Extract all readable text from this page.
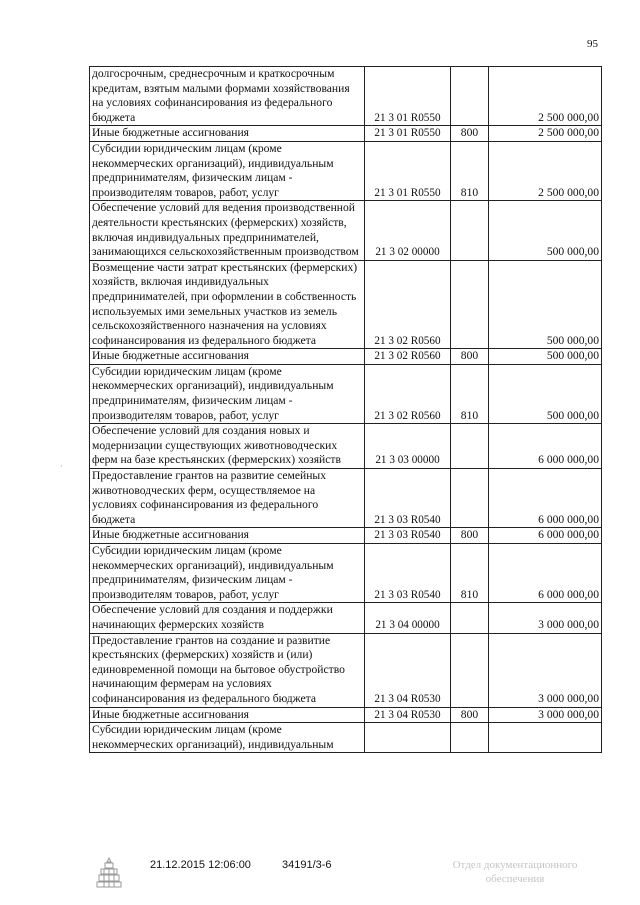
95
·
долгосрочным, среднесрочным и краткосрочным кредитам, взятым малыми формами хозяйствования на условиях софинансирования из федерального бюджета	21 3 01 R0550		2 500 000,00
Иные бюджетные ассигнования	21 3 01 R0550	800	2 500 000,00
Субсидии юридическим лицам (кроме некоммерческих организаций), индивидуальным предпринимателям, физическим лицам - производителям товаров, работ, услуг	21 3 01 R0550	810	2 500 000,00
Обеспечение условий для ведения производственной деятельности крестьянских (фермерских) хозяйств, включая индивидуальных предпринимателей, занимающихся сельскохозяйственным производством	21 3 02 00000		500 000,00
Возмещение части затрат крестьянских (фермерских) хозяйств, включая индивидуальных предпринимателей, при оформлении в собственность используемых ими земельных участков из земель сельскохозяйственного назначения на условиях софинансирования из федерального бюджета	21 3 02 R0560		500 000,00
Иные бюджетные ассигнования	21 3 02 R0560	800	500 000,00
Субсидии юридическим лицам (кроме некоммерческих организаций), индивидуальным предпринимателям, физическим лицам - производителям товаров, работ, услуг	21 3 02 R0560	810	500 000,00
Обеспечение условий для создания новых и модернизации существующих животноводческих ферм на базе крестьянских (фермерских) хозяйств	21 3 03 00000		6 000 000,00
Предоставление грантов на развитие семейных животноводческих ферм, осуществляемое на условиях софинансирования из федерального бюджета	21 3 03 R0540		6 000 000,00
Иные бюджетные ассигнования	21 3 03 R0540	800	6 000 000,00
Субсидии юридическим лицам (кроме некоммерческих организаций), индивидуальным предпринимателям, физическим лицам - производителям товаров, работ, услуг	21 3 03 R0540	810	6 000 000,00
Обеспечение условий для создания и поддержки начинающих фермерских хозяйств	21 3 04 00000		3 000 000,00
Предоставление грантов на создание и развитие крестьянских (фермерских) хозяйств и (или) единовременной помощи на бытовое обустройство начинающим фермерам на условиях софинансирования из федерального бюджета	21 3 04 R0530		3 000 000,00
Иные бюджетные ассигнования	21 3 04 R0530	800	3 000 000,00
Субсидии юридическим лицам (кроме некоммерческих организаций), индивидуальным			
21.12.2015 12:06:00	34191/3-6	Отдел документационного обеспечения
